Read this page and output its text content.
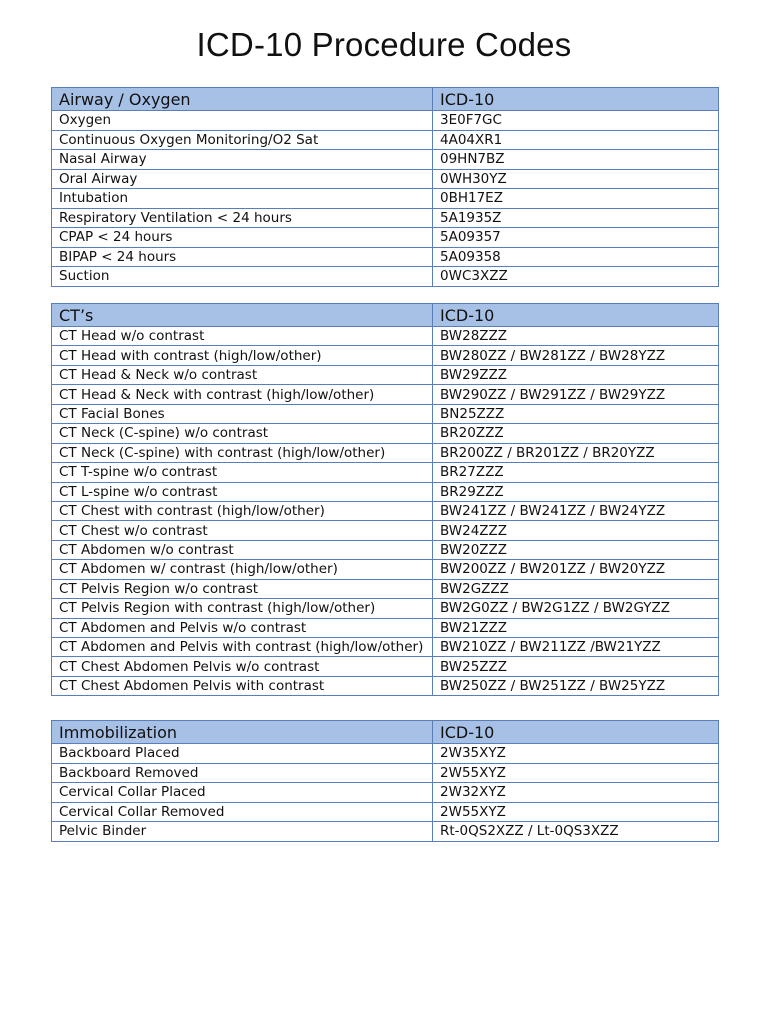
ICD-10 Procedure Codes
Airway / Oxygen	ICD-10
Oxygen	3E0F7GC
Continuous Oxygen Monitoring/O2 Sat	4A04XR1
Nasal Airway	09HN7BZ
Oral Airway	0WH30YZ
Intubation	0BH17EZ
Respiratory Ventilation < 24 hours	5A1935Z
CPAP < 24 hours	5A09357
BIPAP < 24 hours	5A09358
Suction	0WC3XZZ
CT’s	ICD-10
CT Head w/o contrast	BW28ZZZ
CT Head with contrast (high/low/other)	BW280ZZ / BW281ZZ / BW28YZZ
CT Head & Neck w/o contrast	BW29ZZZ
CT Head & Neck with contrast (high/low/other)	BW290ZZ / BW291ZZ / BW29YZZ
CT Facial Bones	BN25ZZZ
CT Neck (C-spine) w/o contrast	BR20ZZZ
CT Neck (C-spine) with contrast (high/low/other)	BR200ZZ / BR201ZZ / BR20YZZ
CT T-spine w/o contrast	BR27ZZZ
CT L-spine w/o contrast	BR29ZZZ
CT Chest with contrast (high/low/other)	BW241ZZ / BW241ZZ / BW24YZZ
CT Chest w/o contrast	BW24ZZZ
CT Abdomen w/o contrast	BW20ZZZ
CT Abdomen w/ contrast (high/low/other)	BW200ZZ / BW201ZZ / BW20YZZ
CT Pelvis Region w/o contrast	BW2GZZZ
CT Pelvis Region with contrast (high/low/other)	BW2G0ZZ / BW2G1ZZ / BW2GYZZ
CT Abdomen and Pelvis w/o contrast	BW21ZZZ
CT Abdomen and Pelvis with contrast (high/low/other)	BW210ZZ / BW211ZZ /BW21YZZ
CT Chest Abdomen Pelvis w/o contrast	BW25ZZZ
CT Chest Abdomen Pelvis with contrast	BW250ZZ / BW251ZZ / BW25YZZ
Immobilization	ICD-10
Backboard Placed	2W35XYZ
Backboard Removed	2W55XYZ
Cervical Collar Placed	2W32XYZ
Cervical Collar Removed	2W55XYZ
Pelvic Binder	Rt-0QS2XZZ / Lt-0QS3XZZ
